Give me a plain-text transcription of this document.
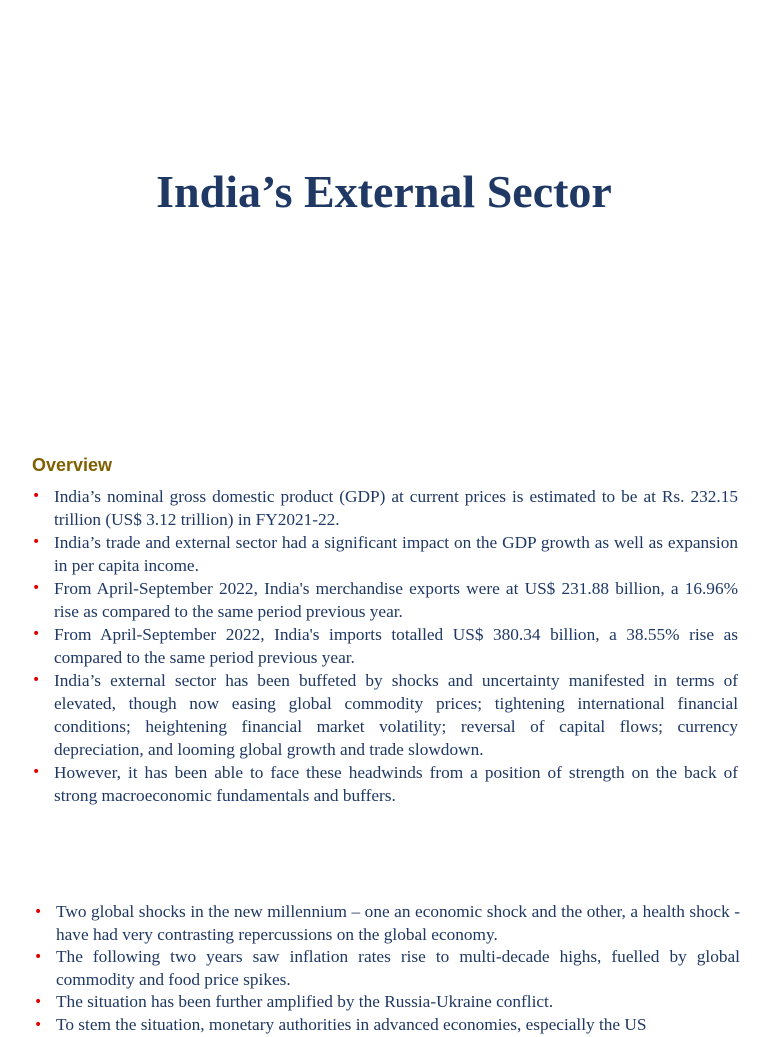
India’s External Sector
Overview
• India’s nominal gross domestic product (GDP) at current prices is estimated to be at Rs. 232.15 trillion (US$ 3.12 trillion) in FY2021-22.
• India’s trade and external sector had a significant impact on the GDP growth as well as expansion in per capita income.
• From April-September 2022, India's merchandise exports were at US$ 231.88 billion, a 16.96% rise as compared to the same period previous year.
• From April-September 2022, India's imports totalled US$ 380.34 billion, a 38.55% rise as compared to the same period previous year.
• India’s external sector has been buffeted by shocks and uncertainty manifested in terms of elevated, though now easing global commodity prices; tightening international financial conditions; heightening financial market volatility; reversal of capital flows; currency depreciation, and looming global growth and trade slowdown.
• However, it has been able to face these headwinds from a position of strength on the back of strong macroeconomic fundamentals and buffers.
• Two global shocks in the new millennium – one an economic shock and the other, a health shock - have had very contrasting repercussions on the global economy.
• The following two years saw inflation rates rise to multi-decade highs, fuelled by global commodity and food price spikes.
• The situation has been further amplified by the Russia-Ukraine conflict.
• To stem the situation, monetary authorities in advanced economies, especially the US
